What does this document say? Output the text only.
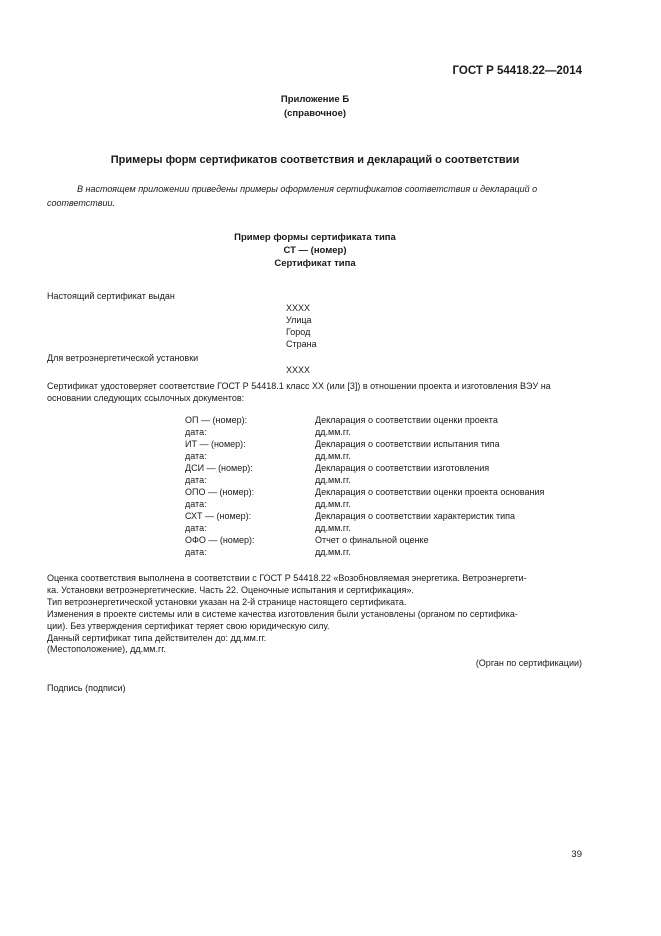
ГОСТ Р 54418.22—2014
Приложение Б
(справочное)
Примеры форм сертификатов соответствия и деклараций о соответствии
В настоящем приложении приведены примеры оформления сертификатов соответствия и деклараций о соответствии.
Пример формы сертификата типа
СТ — (номер)
Сертификат типа
Настоящий сертификат выдан
ХХХХ
Улица
Город
Страна
Для ветроэнергетической установки
ХХХХ
Сертификат удостоверяет соответствие ГОСТ Р 54418.1 класс XX (или [3]) в отношении проекта и изготовления ВЭУ на основании следующих ссылочных документов:
ОП — (номер):	Декларация о соответствии оценки проекта
дата:	дд.мм.гг.
ИТ — (номер):	Декларация о соответствии испытания типа
дата:	дд.мм.гг.
ДСИ — (номер):	Декларация о соответствии изготовления
дата:	дд.мм.гг.
ОПО — (номер):	Декларация о соответствии оценки проекта основания
дата:	дд.мм.гг.
СХТ — (номер):	Декларация о соответствии характеристик типа
дата:	дд.мм.гг.
ОФО — (номер):	Отчет о финальной оценке
дата:	дд.мм.гг.
Оценка соответствия выполнена в соответствии с ГОСТ Р 54418.22 «Возобновляемая энергетика. Ветроэнергети-
ка. Установки ветроэнергетические. Часть 22. Оценочные испытания и сертификация».
Тип ветроэнергетической установки указан на 2-й странице настоящего сертификата.
Изменения в проекте системы или в системе качества изготовления были установлены (органом по сертифика-
ции). Без утверждения сертификат теряет свою юридическую силу.
Данный сертификат типа действителен до: дд.мм.гг.
(Местоположение), дд.мм.гг.
(Орган по сертификации)
Подпись (подписи)
39
